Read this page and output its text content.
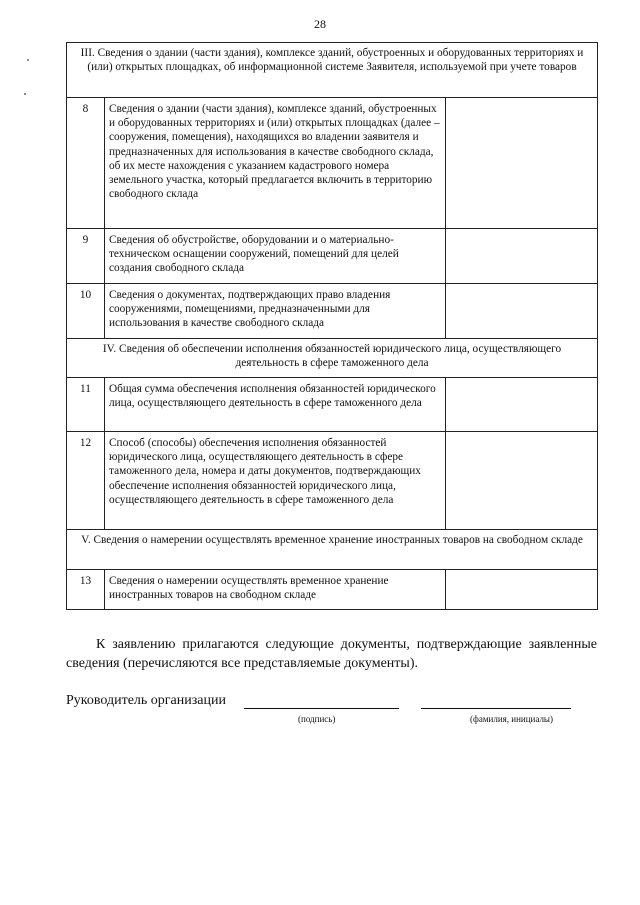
28
III. Сведения о здании (части здания), комплексе зданий, обустроенных и оборудованных территориях и (или) открытых площадках, об информационной системе Заявителя, используемой при учете товаров		
8	Сведения о здании (части здания), комплексе зданий, обустроенных и оборудованных территориях и (или) открытых площадках (далее – сооружения, помещения), находящихся во владении заявителя и предназначенных для использования в качестве свободного склада, об их месте нахождения с указанием кадастрового номера земельного участка, который предлагается включить в территорию свободного склада	
9	Сведения об обустройстве, оборудовании и о материально-техническом оснащении сооружений, помещений для целей создания свободного склада	
10	Сведения о документах, подтверждающих право владения сооружениями, помещениями, предназначенными для использования в качестве свободного склада	
IV. Сведения об обеспечении исполнения обязанностей юридического лица, осуществляющего деятельность в сфере таможенного дела		
11	Общая сумма обеспечения исполнения обязанностей юридического лица, осуществляющего деятельность в сфере таможенного дела	
12	Способ (способы) обеспечения исполнения обязанностей юридического лица, осуществляющего деятельность в сфере таможенного дела, номера и даты документов, подтверждающих обеспечение исполнения обязанностей юридического лица, осуществляющего деятельность в сфере таможенного дела	
V. Сведения о намерении осуществлять временное хранение иностранных товаров на свободном складе		
13	Сведения о намерении осуществлять временное хранение иностранных товаров на свободном складе	

К заявлению прилагаются следующие документы, подтверждающие заявленные сведения (перечисляются все представляемые документы).

Руководитель организации
(подпись)	(фамилия, инициалы)
